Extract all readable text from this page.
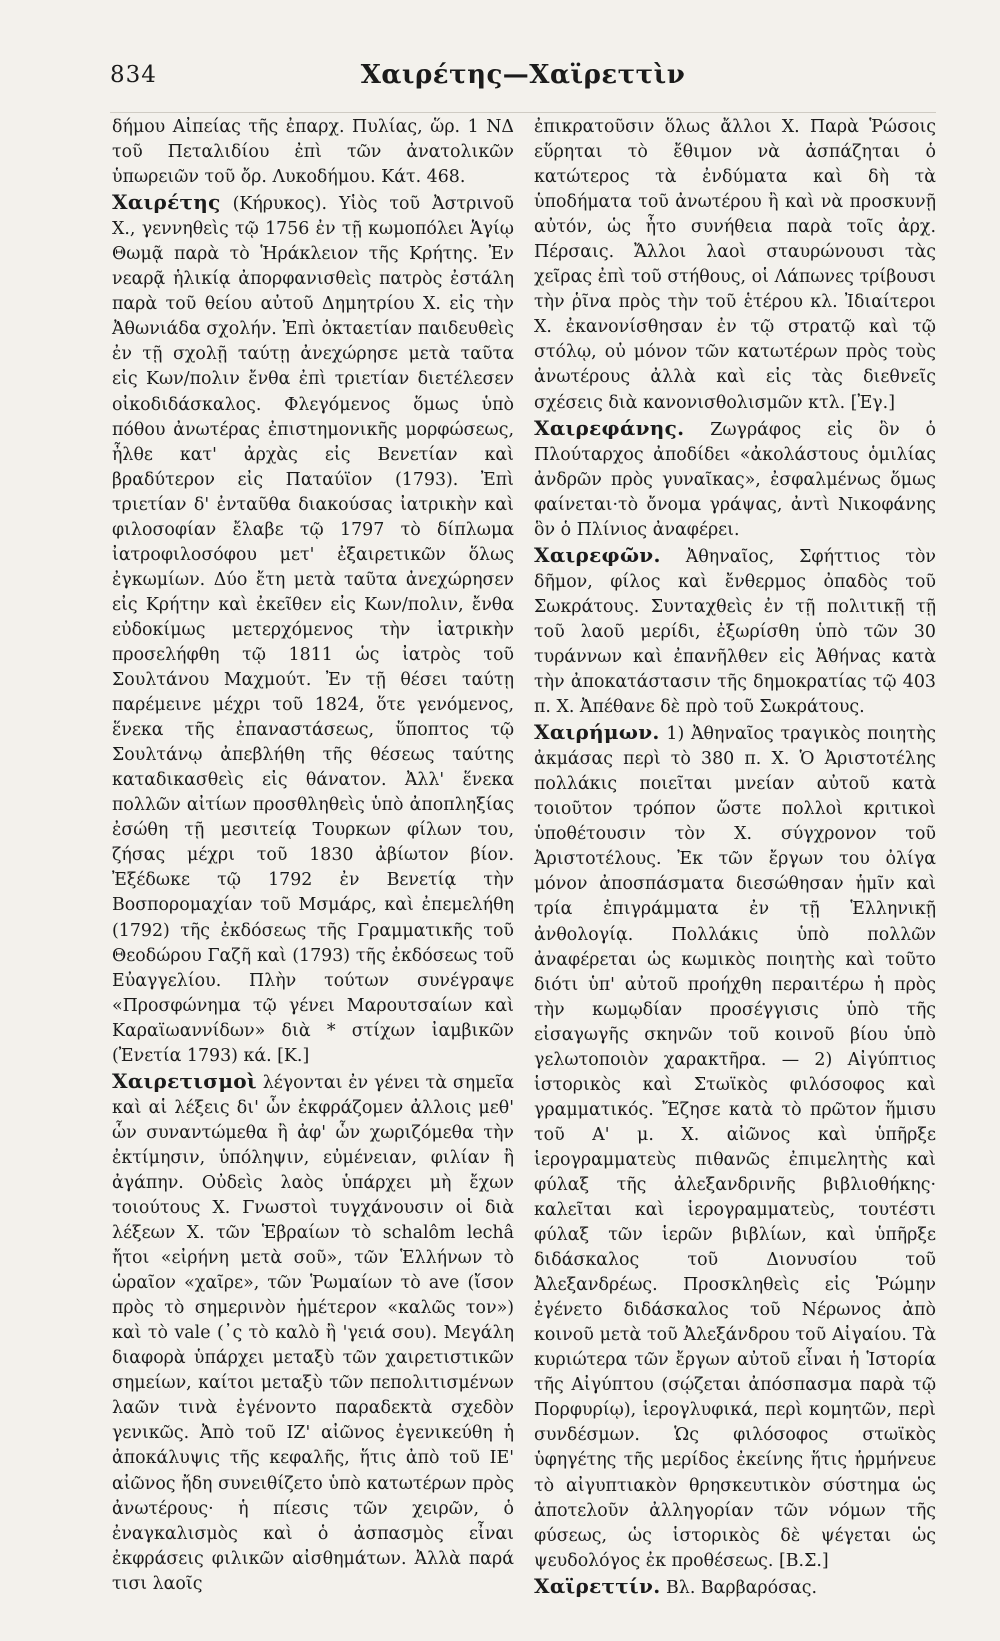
834	Χαιρέτης—Χαϊρεττὶν

δήμου Αἰπείας τῆς ἐπαρχ. Πυλίας, ὥρ. 1 ΝΔ τοῦ Πεταλιδίου ἐπὶ τῶν ἀνατολικῶν ὑπωρειῶν τοῦ ὄρ. Λυκοδήμου. Κάτ. 468.

Χαιρέτης (Κήρυκος). Υἱὸς τοῦ Ἀστριvoῦ Χ., γεννηθεὶς τῷ 1756 ἐν τῇ κωμοπόλει Ἁγίῳ Θωμᾷ παρὰ τὸ Ἡράκλειον τῆς Κρήτης. Ἐν νεαρᾷ ἡλικίᾳ ἀπορφανισθεὶς πατρὸς ἐστάλη παρὰ τοῦ θείου αὐτοῦ Δημητρίου Χ. εἰς τὴν Ἀθωνιάδα σχολήν. Ἐπὶ ὀκταετίαν παιδευθεὶς ἐν τῇ σχολῇ ταύτῃ ἀνεχώρησε μετὰ ταῦτα εἰς Κων/πολιν ἔνθα ἐπὶ τριετίαν διετέλεσεν οἰκοδιδάσκαλος. Φλεγόμενος ὅμως ὑπὸ πόθου ἀνωτέρας ἐπιστημονικῆς μορφώσεως, ἦλθε κατ' ἀρχὰς εἰς Βενετίαν καὶ βραδύτερον εἰς Παταύϊον (1793). Ἐπὶ τριετίαν δ' ἐνταῦθα διακούσας ἰατρικὴν καὶ φιλοσοφίαν ἔλαβε τῷ 1797 τὸ δίπλωμα ἰατροφιλοσόφου μετ' ἐξαιρετικῶν ὅλως ἐγκωμίων. Δύο ἔτη μετὰ ταῦτα ἀνεχώρησεν εἰς Κρήτην καὶ ἐκεῖθεν εἰς Κων/πολιν, ἔνθα εὐδοκίμως μετερχόμενος τὴν ἰατρικὴν προσελήφθη τῷ 1811 ὡς ἰατρὸς τοῦ Σουλτάνου Μαχμούτ. Ἐν τῇ θέσει ταύτῃ παρέμεινε μέχρι τοῦ 1824, ὅτε γενόμενος, ἕνεκα τῆς ἐπαναστάσεως, ὕποπτος τῷ Σουλτάνῳ ἀπεβλήθη τῆς θέσεως ταύτης καταδικασθεὶς εἰς θάνατον. Ἀλλ' ἕνεκα πολλῶν αἰτίων προσθληθεὶς ὑπὸ ἀποπληξίας ἐσώθη τῇ μεσιτείᾳ Τουρκων φίλων του, ζήσας μέχρι τοῦ 1830 ἀβίωτον βίον. Ἐξέδωκε τῷ 1792 ἐν Βενετίᾳ τὴν Βοσπορομαχίαν τοῦ Μσμάρς, καὶ ἐπεμελήθη (1792) τῆς ἐκδόσεως τῆς Γραμματικῆς τοῦ Θεοδώρου Γαζῆ καὶ (1793) τῆς ἐκδόσεως τοῦ Εὐαγγελίου. Πλὴν τούτων συνέγραψε «Προσφώνημα τῷ γένει Μαρουτσαίων καὶ Καραϊωαννίδων» διὰ * στίχων ἰαμβικῶν (Ἐνετία 1793) κά. [Κ.]

Χαιρετισμοὶ λέγονται ἐν γένει τὰ σημεῖα καὶ αἱ λέξεις δι' ὧν ἐκφράζομεν ἀλλοις μεθ' ὧν συναντώμεθα ἢ ἀφ' ὧν χωριζόμεθα τὴν ἐκτίμησιν, ὑπόληψιν, εὐμένειαν, φιλίαν ἢ ἀγάπην. Οὐδεὶς λαὸς ὑπάρχει μὴ ἔχων τοιούτους Χ. Γνωστοὶ τυγχάνουσιν οἱ διὰ λέξεων Χ. τῶν Ἑβραίων τὸ schalôm lechâ ἤτοι «εἰρήνη μετὰ σοῦ», τῶν Ἑλλήνων τὸ ὡραῖον «χαῖρε», τῶν Ῥωμαίων τὸ ave (ἴσον πρὸς τὸ σημερινὸν ἡμέτερον «καλῶς τον») καὶ τὸ vale (᾿ς τὸ καλὸ ἢ 'γειά σου). Μεγάλη διαφορὰ ὑπάρχει μεταξὺ τῶν χαιρετιστικῶν σημείων, καίτοι μεταξὺ τῶν πεπολιτισμένων λαῶν τινὰ ἐγένοντο παραδεκτὰ σχεδὸν γενικῶς. Ἀπὸ τοῦ ΙΖ' αἰῶνος ἐγενικεύθη ἡ ἀποκάλυψις τῆς κεφαλῆς, ἥτις ἀπὸ τοῦ ΙΕ' αἰῶνος ἤδη συνειθίζετο ὑπὸ κατωτέρων πρὸς ἀνωτέρους· ἡ πίεσις τῶν χειρῶν, ὁ ἐναγκαλισμὸς καὶ ὁ ἀσπασμὸς εἶναι ἐκφράσεις φιλικῶν αἰσθημάτων. Ἀλλὰ παρά τισι λαοῖς

ἐπικρατοῦσιν ὅλως ἄλλοι Χ. Παρὰ Ῥώσοις εὕρηται τὸ ἔθιμον νὰ ἀσπάζηται ὁ κατώτερος τὰ ἐνδύματα καὶ δὴ τὰ ὑποδήματα τοῦ ἀνωτέρου ἢ καὶ νὰ προσκυνῇ αὐτόν, ὡς ἦτο συνήθεια παρὰ τοῖς ἀρχ. Πέρσαις. Ἄλλοι λαοὶ σταυρώνουσι τὰς χεῖρας ἐπὶ τοῦ στήθους, οἱ Λάπωνες τρίβουσι τὴν ῥῖνα πρὸς τὴν τοῦ ἑτέρου κλ. Ἰδιαίτεροι Χ. ἐκανονίσθησαν ἐν τῷ στρατῷ καὶ τῷ στόλῳ, οὐ μόνον τῶν κατωτέρων πρὸς τοὺς ἀνωτέρους ἀλλὰ καὶ εἰς τὰς διεθνεῖς σχέσεις διὰ κανονισθολισμῶν κτλ. [Ἐγ.]

Χαιρεφάνης. Ζωγράφος εἰς ὃν ὁ Πλούταρχος ἀποδίδει «ἀκολάστους ὁμιλίας ἀνδρῶν πρὸς γυναῖκας», ἐσφαλμένως ὅμως φαίνεται·τὸ ὄνομα γράψας, ἀντὶ Νικοφάνης ὃν ὁ Πλίνιος ἀναφέρει.

Χαιρεφῶν. Ἀθηναῖος, Σφήττιος τὸν δῆμον, φίλος καὶ ἔνθερμος ὀπαδὸς τοῦ Σωκράτους. Συνταχθεὶς ἐν τῇ πολιτικῇ τῇ τοῦ λαοῦ μερίδι, ἐξωρίσθη ὑπὸ τῶν 30 τυράννων καὶ ἐπανῆλθεν εἰς Ἀθήνας κατὰ τὴν ἀποκατάστασιν τῆς δημοκρατίας τῷ 403 π. Χ. Ἀπέθανε δὲ πρὸ τοῦ Σωκράτους.

Χαιρήμων. 1) Ἀθηναῖος τραγικὸς ποιητὴς ἀκμάσας περὶ τὸ 380 π. Χ. Ὁ Ἀριστοτέλης πολλάκις ποιεῖται μνείαν αὐτοῦ κατὰ τοιοῦτον τρόπον ὥστε πολλοὶ κριτικοὶ ὑποθέτουσιν τὸν Χ. σύγχρονον τοῦ Ἀριστοτέλους. Ἐκ τῶν ἔργων του ὀλίγα μόνον ἀποσπάσματα διεσώθησαν ἡμῖν καὶ τρία ἐπιγράμματα ἐν τῇ Ἑλληνικῇ ἀνθολογίᾳ. Πολλάκις ὑπὸ πολλῶν ἀναφέρεται ὡς κωμικὸς ποιητὴς καὶ τοῦτο διότι ὑπ' αὐτοῦ προήχθη περαιτέρω ἡ πρὸς τὴν κωμῳδίαν προσέγγισις ὑπὸ τῆς εἰσαγωγῆς σκηνῶν τοῦ κοινοῦ βίου ὑπὸ γελωτοποιὸν χαρακτῆρα. — 2) Αἰγύπτιος ἱστορικὸς καὶ Στωϊκὸς φιλόσοφος καὶ γραμματικός. Ἔζησε κατὰ τὸ πρῶτον ἥμισυ τοῦ Α' μ. Χ. αἰῶνος καὶ ὑπῆρξε ἱερογραμματεὺς πιθανῶς ἐπιμελητὴς καὶ φύλαξ τῆς ἀλεξανδρινῆς βιβλιοθήκης· καλεῖται καὶ ἱερογραμματεὺς, τουτέστι φύλαξ τῶν ἱερῶν βιβλίων, καὶ ὑπῆρξε διδάσκαλος τοῦ Διονυσίου τοῦ Ἀλεξανδρέως. Προσκληθεὶς εἰς Ῥώμην ἐγένετο διδάσκαλος τοῦ Νέρωνος ἀπὸ κοινοῦ μετὰ τοῦ Ἀλεξάνδρου τοῦ Αἰγαίου. Τὰ κυριώτερα τῶν ἔργων αὐτοῦ εἶναι ἡ Ἱστορία τῆς Αἰγύπτου (σῴζεται ἀπόσπασμα παρὰ τῷ Πορφυρίῳ), ἱερογλυφικά, περὶ κομητῶν, περὶ συνδέσμων. Ὡς φιλόσοφος στωϊκὸς ὑφηγέτης τῆς μερίδος ἐκείνης ἥτις ἡρμήνευε τὸ αἰγυπτιακὸν θρησκευτικὸν σύστημα ὡς ἀποτελοῦν ἀλληγορίαν τῶν νόμων τῆς φύσεως, ὡς ἱστορικὸς δὲ ψέγεται ὡς ψευδολόγος ἐκ προθέσεως. [Β.Σ.]

Χαϊρεττίν. Βλ. Βαρβαρόσας.
